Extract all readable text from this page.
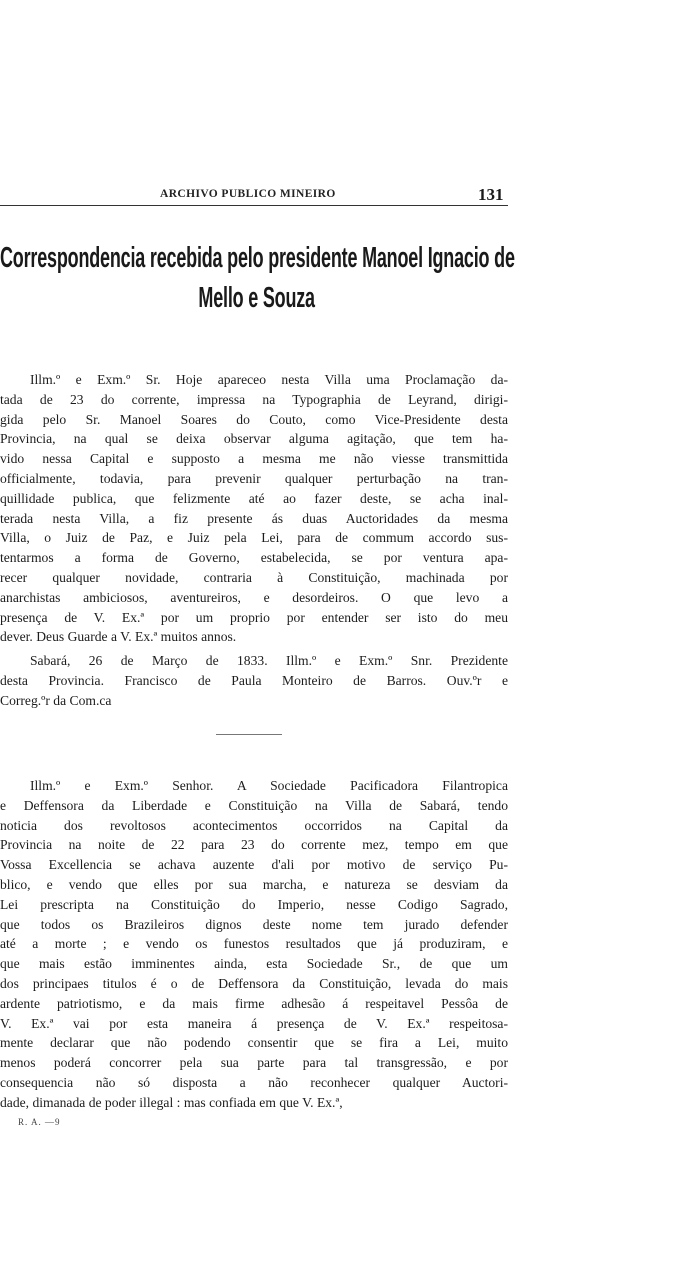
ARCHIVO PUBLICO MINEIRO	131
Correspondencia recebida pelo presidente Manoel Ignacio de
Mello e Souza
Illm.º e Exm.º Sr. Hoje apareceo nesta Villa uma Proclamação da-
tada de 23 do corrente, impressa na Typographia de Leyrand, dirigi-
gida pelo Sr. Manoel Soares do Couto, como Vice-Presidente desta
Provincia, na qual se deixa observar alguma agitação, que tem ha-
vido nessa Capital e supposto a mesma me não viesse transmittida
officialmente, todavia, para prevenir qualquer perturbação na tran-
quillidade publica, que felizmente até ao fazer deste, se acha inal-
terada nesta Villa, a fiz presente ás duas Auctoridades da mesma
Villa, o Juiz de Paz, e Juiz pela Lei, para de commum accordo sus-
tentarmos a forma de Governo, estabelecida, se por ventura apa-
recer qualquer novidade, contraria à Constituição, machinada por
anarchistas ambiciosos, aventureiros, e desordeiros. O que levo a
presença de V. Ex.ª por um proprio por entender ser isto do meu
dever. Deus Guarde a V. Ex.ª muitos annos.
Sabará, 26 de Março de 1833. Illm.º e Exm.º Snr. Prezidente
desta Provincia. Francisco de Paula Monteiro de Barros. Ouv.ºr e
Correg.ºr da Com.ca
Illm.º e Exm.º Senhor. A Sociedade Pacificadora Filantropica
e Deffensora da Liberdade e Constituição na Villa de Sabará, tendo
noticia dos revoltosos acontecimentos occorridos na Capital da
Provincia na noite de 22 para 23 do corrente mez, tempo em que
Vossa Excellencia se achava auzente d'ali por motivo de serviço Pu-
blico, e vendo que elles por sua marcha, e natureza se desviam da
Lei prescripta na Constituição do Imperio, nesse Codigo Sagrado,
que todos os Brazileiros dignos deste nome tem jurado defender
até a morte ; e vendo os funestos resultados que já produziram, e
que mais estão imminentes ainda, esta Sociedade Sr., de que um
dos principaes titulos é o de Deffensora da Constituição, levada do mais
ardente patriotismo, e da mais firme adhesão á respeitavel Pessôa de
V. Ex.ª vai por esta maneira á presença de V. Ex.ª respeitosa-
mente declarar que não podendo consentir que se fira a Lei, muito
menos poderá concorrer pela sua parte para tal transgressão, e por
consequencia não só disposta a não reconhecer qualquer Auctori-
dade, dimanada de poder illegal : mas confiada em que V. Ex.ª,
R. A. —9
